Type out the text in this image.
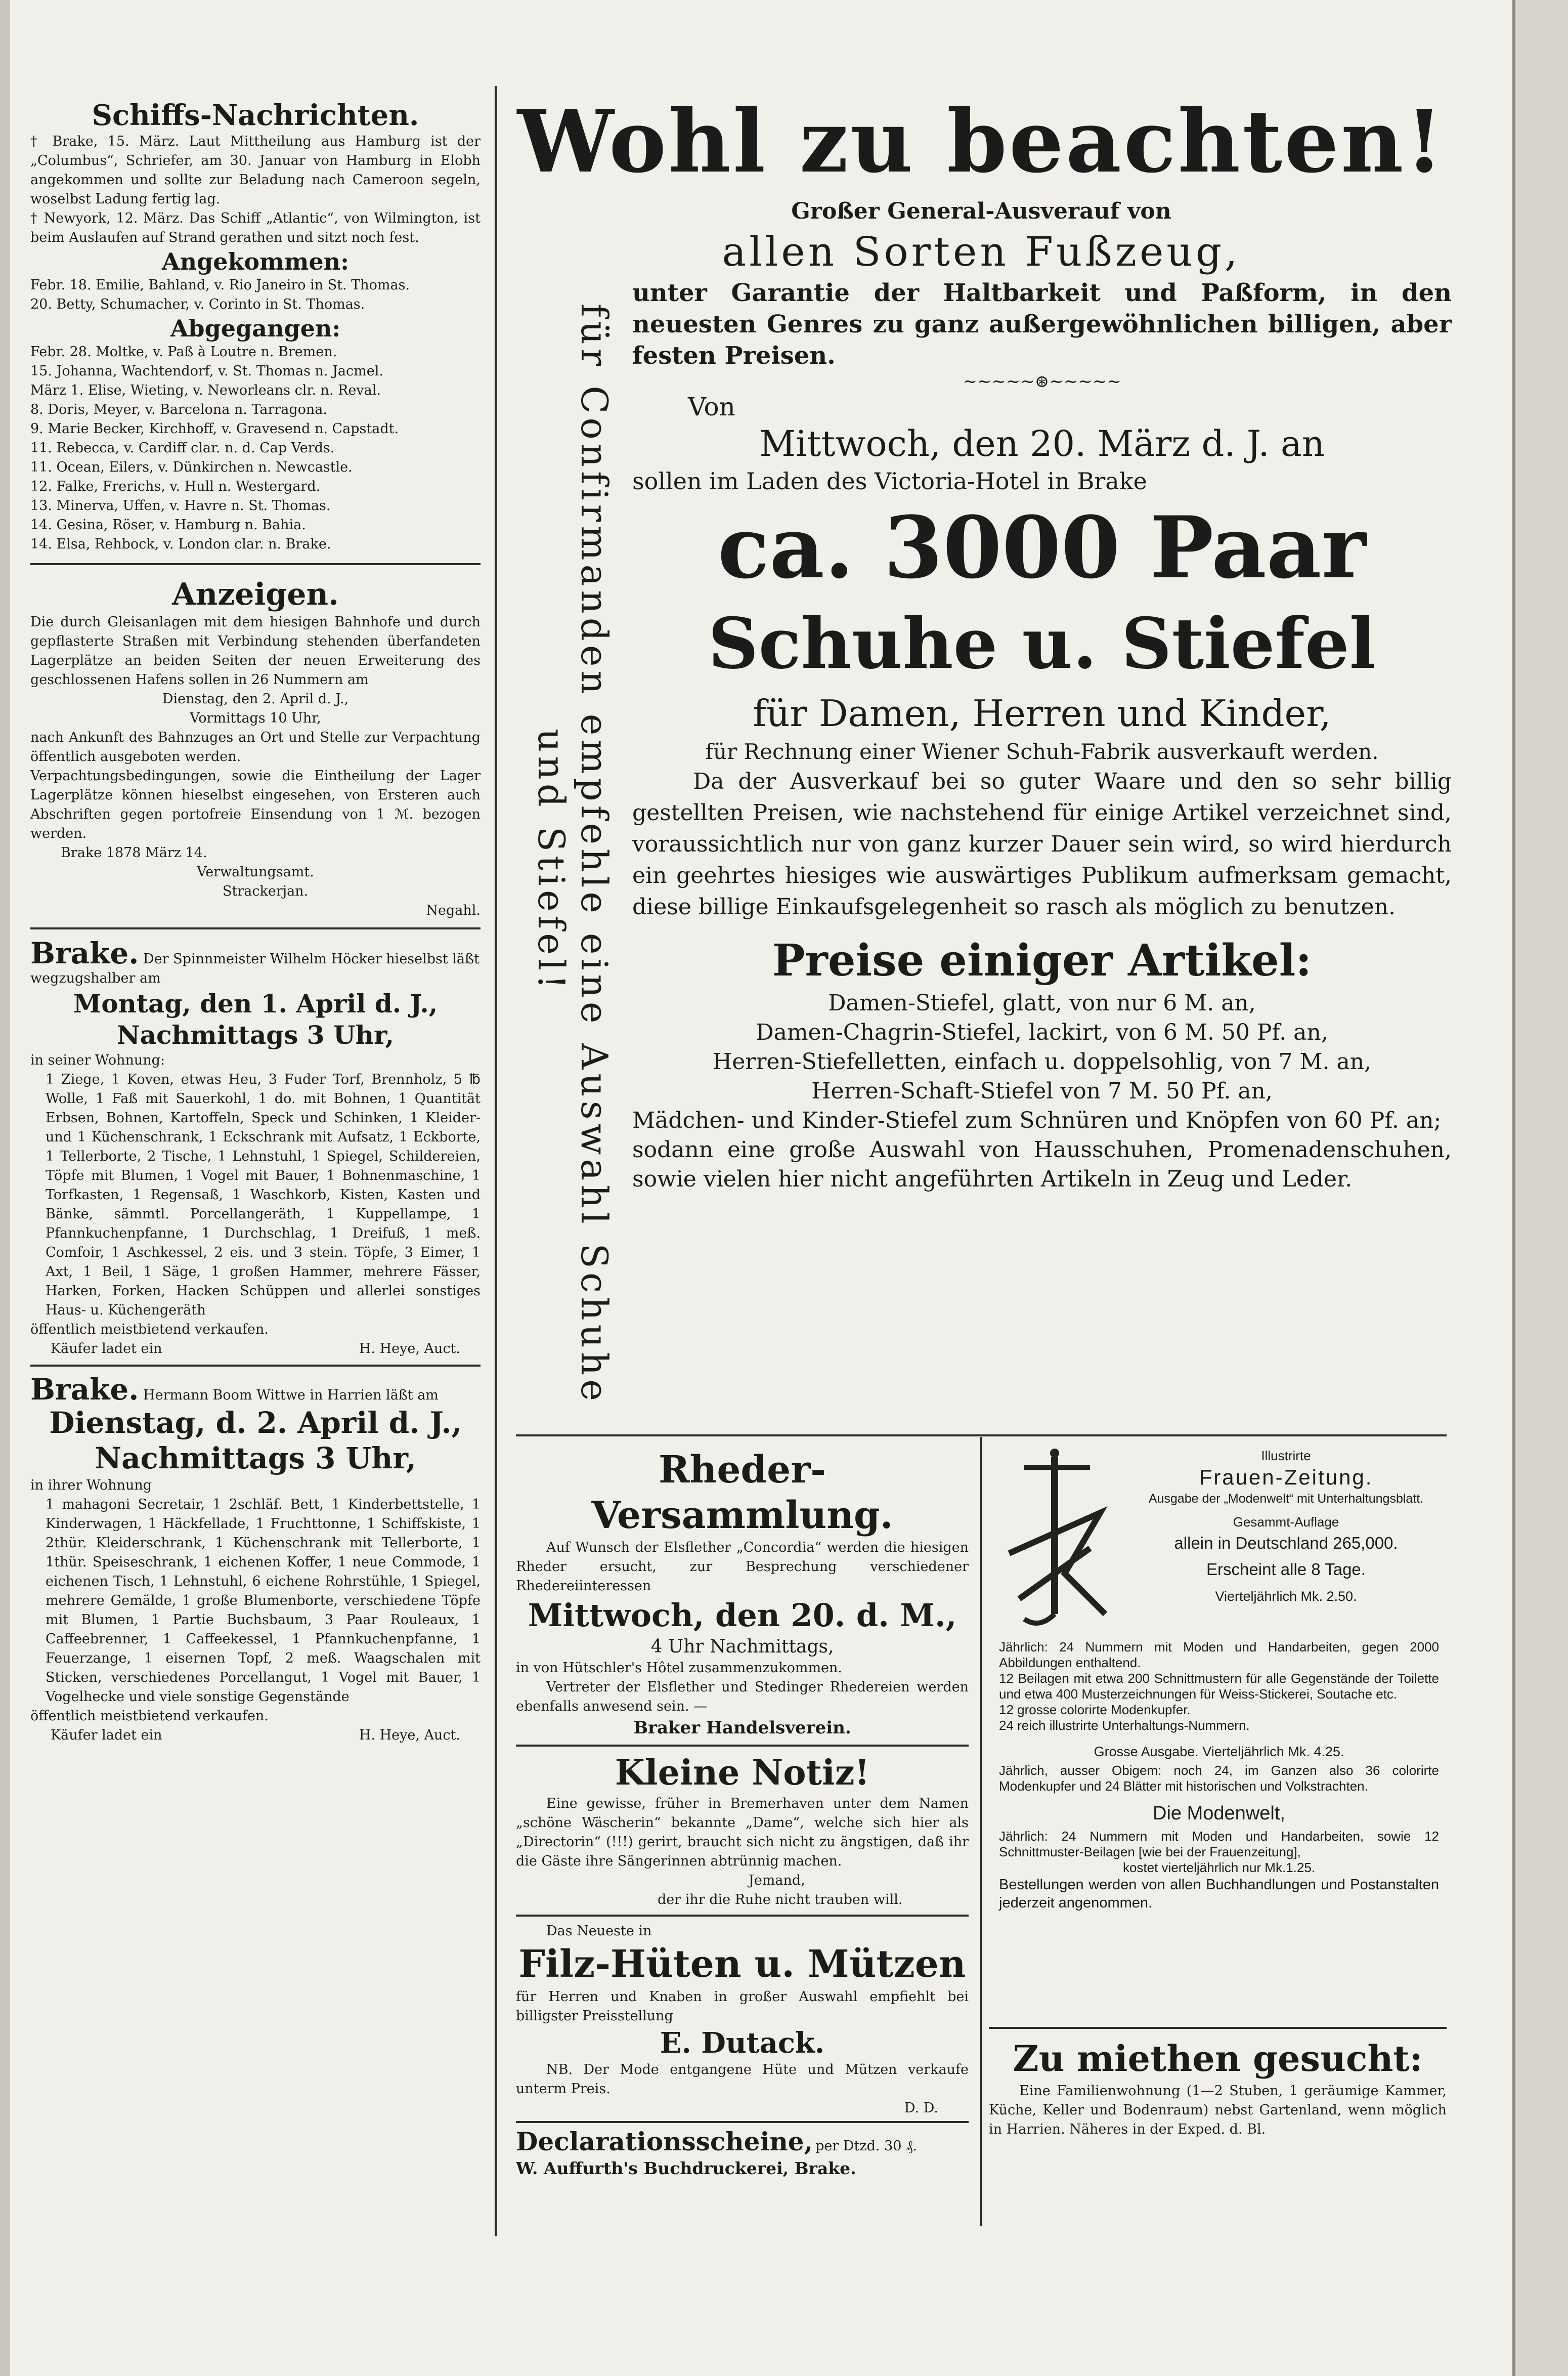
Schiffs-Nachrichten.

† Brake, 15. März. Laut Mittheilung aus Hamburg ist der „Columbus“, Schriefer, am 30. Januar von Hamburg in Elobh angekommen und sollte zur Beladung nach Cameroon segeln, woselbst Ladung fertig lag.

† Newyork, 12. März. Das Schiff „Atlantic“, von Wilmington, ist beim Auslaufen auf Strand gerathen und sitzt noch fest.

Angekommen:

Febr. 18. Emilie, Bahland, v. Rio Janeiro in St. Thomas.

20. Betty, Schumacher, v. Corinto in St. Thomas.

Abgegangen:

Febr. 28. Moltke, v. Paß à Loutre n. Bremen.

15. Johanna, Wachtendorf, v. St. Thomas n. Jacmel.

März 1. Elise, Wieting, v. Neworleans clr. n. Reval.

8. Doris, Meyer, v. Barcelona n. Tarragona.

9. Marie Becker, Kirchhoff, v. Gravesend n. Capstadt.

11. Rebecca, v. Cardiff clar. n. d. Cap Verds.

11. Ocean, Eilers, v. Dünkirchen n. Newcastle.

12. Falke, Frerichs, v. Hull n. Westergard.

13. Minerva, Uffen, v. Havre n. St. Thomas.

14. Gesina, Röser, v. Hamburg n. Bahia.

14. Elsa, Rehbock, v. London clar. n. Brake.

Anzeigen.

Die durch Gleisanlagen mit dem hiesigen Bahnhofe und durch gepflasterte Straßen mit Verbindung stehenden überfandeten Lagerplätze an beiden Seiten der neuen Erweiterung des geschlossenen Hafens sollen in 26 Nummern am

Dienstag, den 2. April d. J.,

Vormittags 10 Uhr,

nach Ankunft des Bahnzuges an Ort und Stelle zur Verpachtung öffentlich ausgeboten werden.

Verpachtungsbedingungen, sowie die Eintheilung der Lager Lagerplätze können hieselbst eingesehen, von Ersteren auch Abschriften gegen portofreie Einsendung von 1 ℳ. bezogen werden.

Brake 1878 März 14.

Verwaltungsamt.

Strackerjan.

Negahl.

Brake. Der Spinnmeister Wilhelm Höcker hieselbst läßt wegzugshalber am

Montag, den 1. April d. J.,

Nachmittags 3 Uhr,

in seiner Wohnung:

1 Ziege, 1 Koven, etwas Heu, 3 Fuder Torf, Brennholz, 5 ℔ Wolle, 1 Faß mit Sauerkohl, 1 do. mit Bohnen, 1 Quantität Erbsen, Bohnen, Kartoffeln, Speck und Schinken, 1 Kleider- und 1 Küchenschrank, 1 Eckschrank mit Aufsatz, 1 Eckborte, 1 Tellerborte, 2 Tische, 1 Lehnstuhl, 1 Spiegel, Schildereien, Töpfe mit Blumen, 1 Vogel mit Bauer, 1 Bohnenmaschine, 1 Torfkasten, 1 Regensaß, 1 Waschkorb, Kisten, Kasten und Bänke, sämmtl. Porcellangeräth, 1 Kuppellampe, 1 Pfannkuchenpfanne, 1 Durchschlag, 1 Dreifuß, 1 meß. Comfoir, 1 Aschkessel, 2 eis. und 3 stein. Töpfe, 3 Eimer, 1 Axt, 1 Beil, 1 Säge, 1 großen Hammer, mehrere Fässer, Harken, Forken, Hacken Schüppen und allerlei sonstiges Haus- u. Küchengeräth

öffentlich meistbietend verkaufen.

Käufer ladet ein	H. Heye, Auct.

Brake. Hermann Boom Wittwe in Harrien läßt am

Dienstag, d. 2. April d. J.,

Nachmittags 3 Uhr,

in ihrer Wohnung

1 mahagoni Secretair, 1 2schläf. Bett, 1 Kinderbettstelle, 1 Kinderwagen, 1 Häckfellade, 1 Fruchttonne, 1 Schiffskiste, 1 2thür. Kleiderschrank, 1 Küchenschrank mit Tellerborte, 1 1thür. Speiseschrank, 1 eichenen Koffer, 1 neue Commode, 1 eichenen Tisch, 1 Lehnstuhl, 6 eichene Rohrstühle, 1 Spiegel, mehrere Gemälde, 1 große Blumenborte, verschiedene Töpfe mit Blumen, 1 Partie Buchsbaum, 3 Paar Rouleaux, 1 Caffeebrenner, 1 Caffeekessel, 1 Pfannkuchenpfanne, 1 Feuerzange, 1 eisernen Topf, 2 meß. Waagschalen mit Sticken, verschiedenes Porcellangut, 1 Vogel mit Bauer, 1 Vogelhecke und viele sonstige Gegenstände

öffentlich meistbietend verkaufen.

Käufer ladet ein	H. Heye, Auct.

Wohl zu beachten!

Großer General-Ausverauf von

allen Sorten Fußzeug,

unter Garantie der Haltbarkeit und Paßform, in den neuesten Genres zu ganz außergewöhnlichen billigen, aber festen Preisen.

~~~~~⊛~~~~~

Von

Mittwoch, den 20. März d. J. an

sollen im Laden des Victoria-Hotel in Brake

ca. 3000 Paar

Schuhe u. Stiefel

für Damen, Herren und Kinder,

für Rechnung einer Wiener Schuh-Fabrik ausverkauft werden.

Da der Ausverkauf bei so guter Waare und den so sehr billig gestellten Preisen, wie nachstehend für einige Artikel verzeichnet sind, voraussichtlich nur von ganz kurzer Dauer sein wird, so wird hierdurch ein geehrtes hiesiges wie auswärtiges Publikum aufmerksam gemacht, diese billige Einkaufsgelegenheit so rasch als möglich zu benutzen.

Preise einiger Artikel:

Damen-Stiefel, glatt, von nur 6 M. an,

Damen-Chagrin-Stiefel, lackirt, von 6 M. 50 Pf. an,

Herren-Stiefelletten, einfach u. doppelsohlig, von 7 M. an,

Herren-Schaft-Stiefel von 7 M. 50 Pf. an,

Mädchen- und Kinder-Stiefel zum Schnüren und Knöpfen von 60 Pf. an;

sodann eine große Auswahl von Hausschuhen, Promenadenschuhen, sowie vielen hier nicht angeführten Artikeln in Zeug und Leder.

für Confirmanden empfehle eine Auswahl Schuhe
und Stiefel!

Rheder-Versammlung.

Auf Wunsch der Elsflether „Concordia“ werden die hiesigen Rheder ersucht, zur Besprechung verschiedener Rhedereiinteressen

Mittwoch, den 20. d. M.,

4 Uhr Nachmittags,

in von Hütschler's Hôtel zusammenzukommen.

Vertreter der Elsflether und Stedinger Rhedereien werden ebenfalls anwesend sein. —

Braker Handelsverein.

Kleine Notiz!

Eine gewisse, früher in Bremerhaven unter dem Namen „schöne Wäscherin“ bekannte „Dame“, welche sich hier als „Directorin“ (!!!) gerirt, braucht sich nicht zu ängstigen, daß ihr die Gäste ihre Sängerinnen abtrünnig machen.

Jemand,

der ihr die Ruhe nicht trauben will.

Das Neueste in

Filz-Hüten u. Mützen

für Herren und Knaben in großer Auswahl empfiehlt bei billigster Preisstellung

E. Dutack.

NB. Der Mode entgangene Hüte und Mützen verkaufe unterm Preis.

D. D.

Declarationsscheine, per Dtzd. 30 ₰.

W. Auffurth's Buchdruckerei, Brake.

Illustrirte

Frauen-Zeitung.

Ausgabe der „Modenwelt“ mit Unterhaltungsblatt.

Gesammt-Auflage

allein in Deutschland 265,000.

Erscheint alle 8 Tage.

Vierteljährlich Mk. 2.50.

Jährlich: 24 Nummern mit Moden und Handarbeiten, gegen 2000 Abbildungen enthaltend.

12 Beilagen mit etwa 200 Schnittmustern für alle Gegenstände der Toilette und etwa 400 Musterzeichnungen für Weiss-Stickerei, Soutache etc.

12 grosse colorirte Modenkupfer.

24 reich illustrirte Unterhaltungs-Nummern.

Grosse Ausgabe. Vierteljährlich Mk. 4.25.

Jährlich, ausser Obigem: noch 24, im Ganzen also 36 colorirte Modenkupfer und 24 Blätter mit historischen und Volkstrachten.

Die Modenwelt,

Jährlich: 24 Nummern mit Moden und Handarbeiten, sowie 12 Schnittmuster-Beilagen [wie bei der Frauenzeitung],

kostet vierteljährlich nur Mk.1.25.

Bestellungen werden von allen Buchhandlungen und Postanstalten jederzeit angenommen.

Zu miethen gesucht:

Eine Familienwohnung (1—2 Stuben, 1 geräumige Kammer, Küche, Keller und Bodenraum) nebst Gartenland, wenn möglich in Harrien. Näheres in der Exped. d. Bl.
